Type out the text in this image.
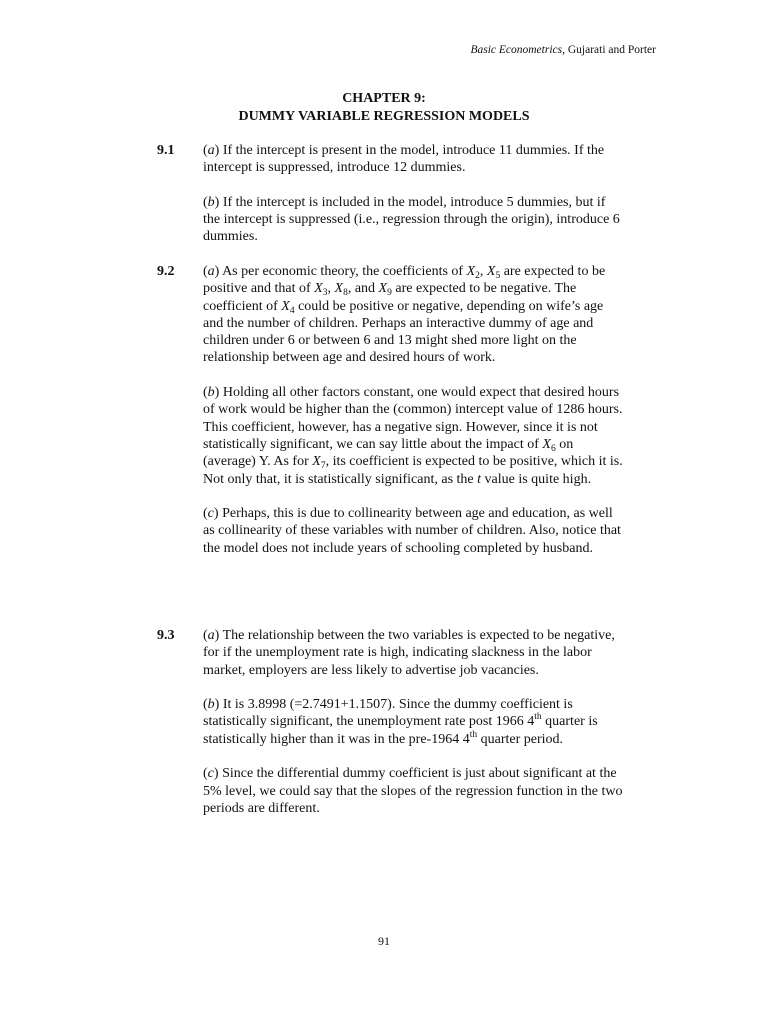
Basic Econometrics, Gujarati and Porter
CHAPTER 9:
DUMMY VARIABLE REGRESSION MODELS
9.1 (a) If the intercept is present in the model, introduce 11 dummies. If the intercept is suppressed, introduce 12 dummies.

(b) If the intercept is included in the model, introduce 5 dummies, but if the intercept is suppressed (i.e., regression through the origin), introduce 6 dummies.

9.2 (a) As per economic theory, the coefficients of $X_2$, $X_5$ are expected to be positive and that of $X_3$, $X_8$, and $X_9$ are expected to be negative. The coefficient of $X_4$ could be positive or negative, depending on wife’s age and the number of children. Perhaps an interactive dummy of age and children under 6 or between 6 and 13 might shed more light on the relationship between age and desired hours of work.

(b) Holding all other factors constant, one would expect that desired hours of work would be higher than the (common) intercept value of 1286 hours. This coefficient, however, has a negative sign. However, since it is not statistically significant, we can say little about the impact of $X_6$ on (average) Y. As for $X_7$, its coefficient is expected to be positive, which it is. Not only that, it is statistically significant, as the t value is quite high.

(c) Perhaps, this is due to collinearity between age and education, as well as collinearity of these variables with number of children. Also, notice that the model does not include years of schooling completed by husband.

9.3 (a) The relationship between the two variables is expected to be negative, for if the unemployment rate is high, indicating slackness in the labor market, employers are less likely to advertise job vacancies.

(b) It is 3.8998 (=2.7491+1.1507). Since the dummy coefficient is statistically significant, the unemployment rate post 1966 4th quarter is statistically higher than it was in the pre-1964 4th quarter period.

(c) Since the differential dummy coefficient is just about significant at the 5% level, we could say that the slopes of the regression function in the two periods are different.

91
